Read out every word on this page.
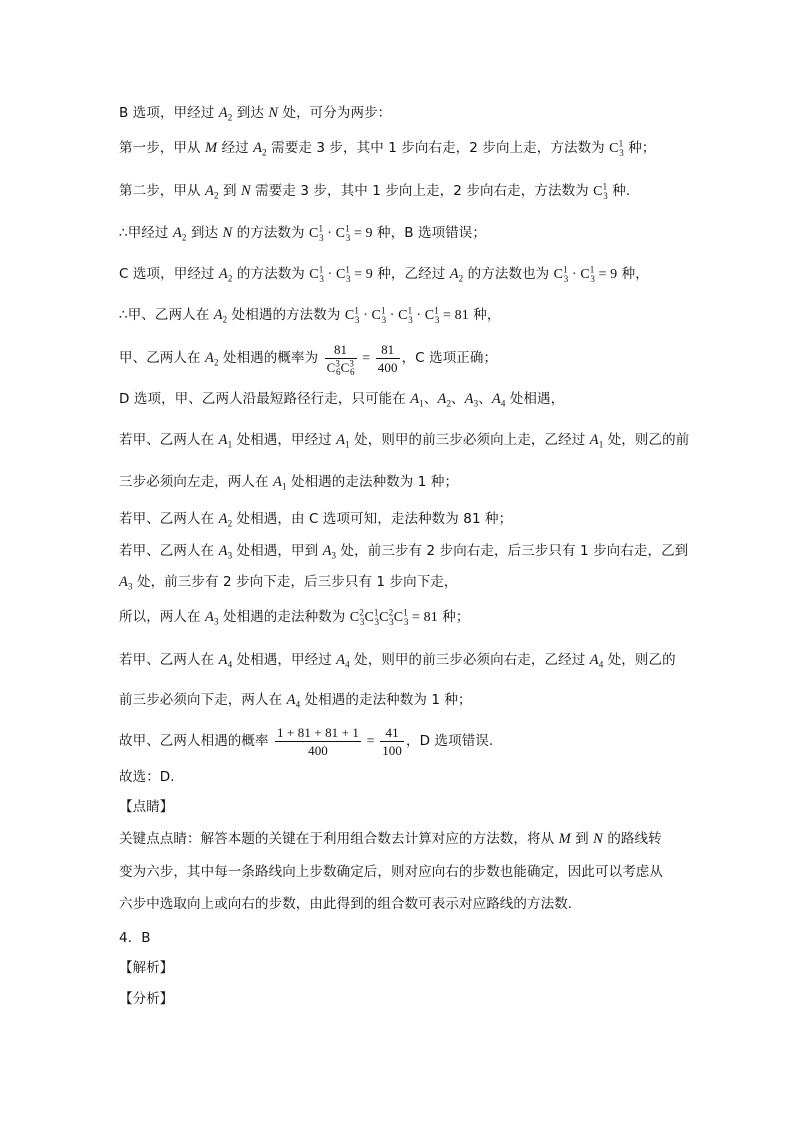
B 选项，甲经过 $A_2$ 到达 N 处，可分为两步：
第一步，甲从 M 经过 $A_2$ 需要走 3 步，其中 1 步向右走，2 步向上走，方法数为 $C^1_3$ 种；
第二步，甲从 $A_2$ 到 N 需要走 3 步，其中 1 步向上走，2 步向右走，方法数为 $C^1_3$ 种.
∴甲经过 $A_2$ 到达 N 的方法数为 $C^1_3 \cdot C^1_3 = 9$ 种，B 选项错误；
C 选项，甲经过 $A_2$ 的方法数为 $C^1_3 \cdot C^1_3 = 9$ 种，乙经过 $A_2$ 的方法数也为 $C^1_3 \cdot C^1_3 = 9$ 种，
∴甲、乙两人在 $A_2$ 处相遇的方法数为 $C^1_3 \cdot C^1_3 \cdot C^1_3 \cdot C^1_3 = 81$ 种，
甲、乙两人在 $A_2$ 处相遇的概率为 $\frac{81}{C^3_6C^3_6} = \frac{81}{400}$ ，C 选项正确；
D 选项，甲、乙两人沿最短路径行走，只可能在 $A_1$、$A_2$、$A_3$、$A_4$ 处相遇，
若甲、乙两人在 $A_1$ 处相遇，甲经过 $A_1$ 处，则甲的前三步必须向上走，乙经过 $A_1$ 处，则乙的前
三步必须向左走，两人在 $A_1$ 处相遇的走法种数为 1 种；
若甲、乙两人在 $A_2$ 处相遇，由 C 选项可知，走法种数为 81 种；
若甲、乙两人在 $A_3$ 处相遇，甲到 $A_3$ 处，前三步有 2 步向右走，后三步只有 1 步向右走，乙到
$A_3$ 处，前三步有 2 步向下走，后三步只有 1 步向下走，
所以，两人在 $A_3$ 处相遇的走法种数为 $C^2_3C^1_3C^2_3C^1_3 = 81$ 种；
若甲、乙两人在 $A_4$ 处相遇，甲经过 $A_4$ 处，则甲的前三步必须向右走，乙经过 $A_4$ 处，则乙的
前三步必须向下走，两人在 $A_4$ 处相遇的走法种数为 1 种；
故甲、乙两人相遇的概率 $\frac{1 + 81 + 81 + 1}{400} = \frac{41}{100}$ ，D 选项错误.
故选：D.
【点睛】
关键点点睛：解答本题的关键在于利用组合数去计算对应的方法数，将从 M 到 N 的路线转
变为六步，其中每一条路线向上步数确定后，则对应向右的步数也能确定，因此可以考虑从
六步中选取向上或向右的步数，由此得到的组合数可表示对应路线的方法数.
4．B
【解析】
【分析】
